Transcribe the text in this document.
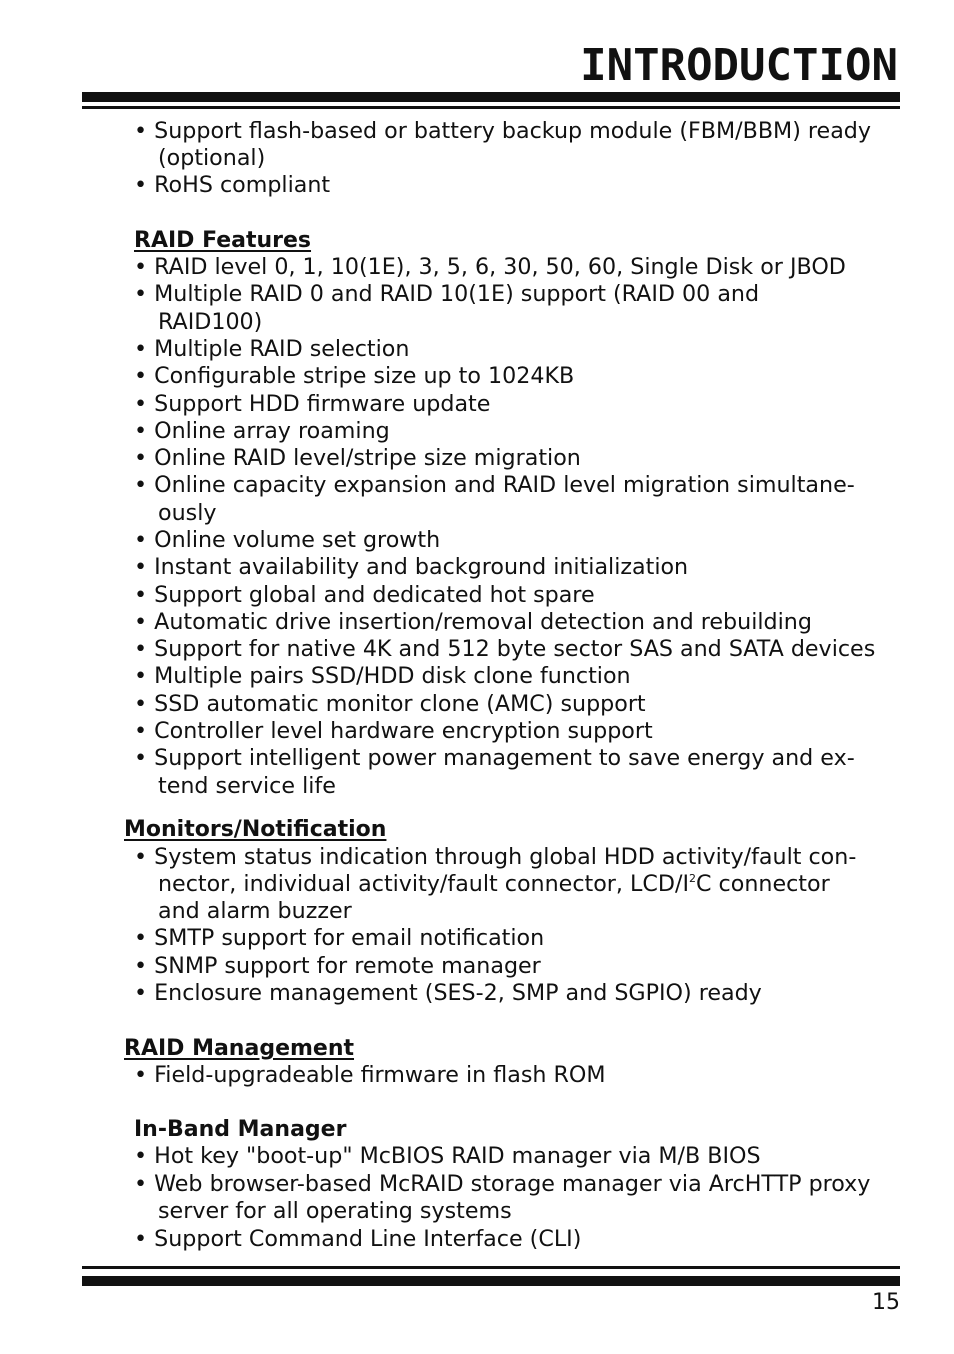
INTRODUCTION
• Support flash-based or battery backup module (FBM/BBM) ready
(optional)
• RoHS compliant
RAID Features
• RAID level 0, 1, 10(1E), 3, 5, 6, 30, 50, 60, Single Disk or JBOD
• Multiple RAID 0 and RAID 10(1E) support (RAID 00 and
RAID100)
• Multiple RAID selection
• Configurable stripe size up to 1024KB
• Support HDD firmware update
• Online array roaming
• Online RAID level/stripe size migration
• Online capacity expansion and RAID level migration simultane-
ously
• Online volume set growth
• Instant availability and background initialization
• Support global and dedicated hot spare
• Automatic drive insertion/removal detection and rebuilding
• Support for native 4K and 512 byte sector SAS and SATA devices
• Multiple pairs SSD/HDD disk clone function
• SSD automatic monitor clone (AMC) support
• Controller level hardware encryption support
• Support intelligent power management to save energy and ex-
tend service life
Monitors/Notification
• System status indication through global HDD activity/fault con-
nector, individual activity/fault connector, LCD/$I^2C$ connector
and alarm buzzer
• SMTP support for email notification
• SNMP support for remote manager
• Enclosure management (SES-2, SMP and SGPIO) ready
RAID Management
• Field-upgradeable firmware in flash ROM
In-Band Manager
• Hot key "boot-up" McBIOS RAID manager via M/B BIOS
• Web browser-based McRAID storage manager via ArcHTTP proxy
server for all operating systems
• Support Command Line Interface (CLI)
15
